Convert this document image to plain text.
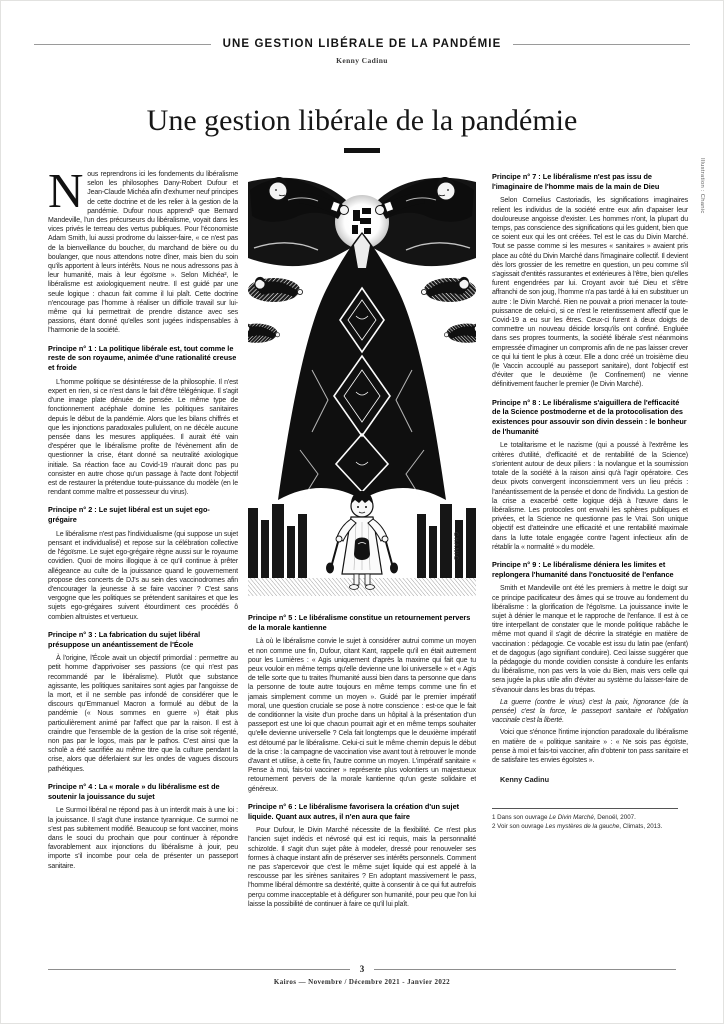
UNE GESTION LIBÉRALE DE LA PANDÉMIE
Kenny Cadinu
Une gestion libérale de la pandémie

Nous reprendrons ici les fondements du libéralisme selon les philosophes Dany-Robert Dufour et Jean-Claude Michéa afin d'exhumer neuf principes de cette doctrine et de les relier à la gestion de la pandémie. Dufour nous apprend¹ que Bernard Mandeville, l'un des précurseurs du libéralisme, voyait dans les vices privés le terreau des vertus publiques. Pour l'économiste Adam Smith, lui aussi prodrome du laisser-faire, « ce n'est pas de la bienveillance du boucher, du marchand de bière ou du boulanger, que nous attendons notre dîner, mais bien du soin qu'ils apportent à leurs intérêts. Nous ne nous adressons pas à leur humanité, mais à leur égoïsme ». Selon Michéa², le libéralisme est axiologiquement neutre. Il est guidé par une seule logique : chacun fait comme il lui plaît. Cette doctrine n'encourage pas l'homme à réaliser un difficile travail sur lui-même qui lui permettrait de prendre distance avec ses passions, étant donné qu'elles sont jugées indispensables à l'harmonie de la société.

Principe n° 1 : La politique libérale est, tout comme le reste de son royaume, animée d'une rationalité creuse et froide

L'homme politique se désintéresse de la philosophie. Il n'est expert en rien, si ce n'est dans le fait d'être télégénique. Il s'agit d'une image plate dénuée de pensée. Le même type de fonctionnement acéphale domine les politiques sanitaires depuis le début de la pandémie. Alors que les bilans chiffrés et que les injonctions paradoxales pullulent, on ne décèle aucune pensée dans les mesures appliquées. Il aurait été vain d'espérer que le libéralisme profite de l'évènement afin de questionner la crise, étant donné sa neutralité axiologique initiale. Sa réaction face au Covid-19 n'aurait donc pas pu consister en autre chose qu'un passage à l'acte dont l'objectif est de restaurer la prétendue toute-puissance du modèle (en le rendant comme maître et possesseur du virus).

Principe n° 2 : Le sujet libéral est un sujet ego-grégaire

Le libéralisme n'est pas l'individualisme (qui suppose un sujet pensant et individualisé) et repose sur la célébration collective de l'égoïsme. Le sujet ego-grégaire règne aussi sur le royaume covidien. Quoi de moins illogique à ce qu'il continue à prêter allégeance au culte de la jouissance quand le gouvernement propose des concerts de DJ's au sein des vaccinodromes afin d'encourager la jeunesse à se faire vacciner ? C'est sans vergogne que les politiques se prétendent sanitaires et que les sujets ego-grégaires suivent étourdiment ces procédés ô combien altruistes et vertueux.

Principe n° 3 : La fabrication du sujet libéral présuppose un anéantissement de l'École

À l'origine, l'École avait un objectif primordial : permettre au petit homme d'apprivoiser ses passions (ce qui n'est pas recommandé par le libéralisme). Plutôt que substance agissante, les politiques sanitaires sont agies par l'angoisse de la mort, et il ne semble pas infondé de considérer que le discours qu'Emmanuel Macron a formulé au début de la pandémie (« Nous sommes en guerre ») était plus particulièrement animé par l'affect que par la raison. Il est à craindre que l'ensemble de la gestion de la crise soit régenté, non pas par le logos, mais par le pathos. C'est ainsi que la scholè a été sacrifiée au même titre que la culture pendant la crise, alors que déferlaient sur les ondes de vagues discours pathétiques.

Principe n° 4 : La « morale » du libéralisme est de soutenir la jouissance du sujet

Le Surmoi libéral ne répond pas à un interdit mais à une loi : la jouissance. Il s'agit d'une instance tyrannique. Ce surmoi ne s'est pas subitement modifié. Beaucoup se font vacciner, moins dans le souci du prochain que pour continuer à répondre favorablement aux injonctions du libéralisme à jouir, peu importe s'il incombe pour cela de présenter un passeport sanitaire.

CHANIC
Principe n° 5 : Le libéralisme constitue un retournement pervers de la morale kantienne

Là où le libéralisme convie le sujet à considérer autrui comme un moyen et non comme une fin, Dufour, citant Kant, rappelle qu'il en était autrement pour les Lumières : « Agis uniquement d'après la maxime qui fait que tu peux vouloir en même temps qu'elle devienne une loi universelle » et « Agis de telle sorte que tu traites l'humanité aussi bien dans ta personne que dans la personne de toute autre toujours en même temps comme une fin et jamais simplement comme un moyen ». Guidé par le premier impératif moral, une question cruciale se pose à notre conscience : est-ce que le fait de conditionner la visite d'un proche dans un hôpital à la présentation d'un passeport est une loi que chacun pourrait agir et en même temps souhaiter qu'elle devienne universelle ? Cela fait longtemps que le deuxième impératif est détourné par le libéralisme. Celui-ci suit le même chemin depuis le début de la crise : la campagne de vaccination vise avant tout à retrouver le monde d'avant et utilise, à cette fin, l'autre comme un moyen. L'impératif sanitaire « Pense à moi, fais-toi vacciner » représente plus volontiers un majestueux retournement pervers de la morale kantienne qu'un geste solidaire et généreux.

Principe n° 6 : Le libéralisme favorisera la création d'un sujet liquide. Quant aux autres, il n'en aura que faire

Pour Dufour, le Divin Marché nécessite de la flexibilité. Ce n'est plus l'ancien sujet indécis et névrosé qui est ici requis, mais la personnalité schizoïde. Il s'agit d'un sujet pâte à modeler, dressé pour renouveler ses formes à chaque instant afin de préserver ses intérêts personnels. Comment ne pas s'apercevoir que c'est le même sujet liquide qui est appelé à la rescousse par les sirènes sanitaires ? En adoptant massivement le pass, l'homme libéral démontre sa dextérité, quitte à consentir à ce qui fut autrefois perçu comme inacceptable et à défigurer son humanité, pour peu que l'on lui laisse la possibilité de continuer à faire ce qu'il lui plaît.

Principe n° 7 : Le libéralisme n'est pas issu de l'imaginaire de l'homme mais de la main de Dieu

Selon Cornelius Castoriadis, les significations imaginaires relient les individus de la société entre eux afin d'apaiser leur douloureuse angoisse d'exister. Les hommes n'ont, la plupart du temps, pas conscience des significations qui les guident, bien que ce soient eux qui les ont créées. Tel est le cas du Divin Marché. Tout se passe comme si les mesures « sanitaires » avaient pris place au côté du Divin Marché dans l'imaginaire collectif. Il devient dès lors grossier de les remettre en question, un peu comme s'il s'agissait d'entités rassurantes et extérieures à l'être, bien qu'elles furent engendrées par lui. Croyant avoir tué Dieu et s'être affranchi de son joug, l'homme n'a pas tardé à lui en substituer un autre : le Divin Marché. Rien ne pouvait a priori menacer la toute-puissance de celui-ci, si ce n'est le retentissement affectif que le Covid-19 a eu sur les êtres. Ceux-ci furent à deux doigts de commettre un nouveau déicide lorsqu'ils ont confiné. Engluée dans ses propres tourments, la société libérale s'est néanmoins empressée d'imaginer un compromis afin de ne pas laisser crever ce qui lui tient le plus à cœur. Elle a donc créé un troisième dieu (le Vaccin accouplé au passeport sanitaire), dont l'objectif est d'éviter que le deuxième (le Confinement) ne vienne définitivement faucher le premier (le Divin Marché).

Principe n° 8 : Le libéralisme s'aiguillera de l'efficacité de la Science postmoderne et de la protocolisation des existences pour assouvir son divin dessein : le bonheur de l'humanité

Le totalitarisme et le nazisme (qui a poussé à l'extrême les critères d'utilité, d'efficacité et de rentabilité de la Science) s'orientent autour de deux piliers : la novlangue et la soumission totale de la société à la raison ainsi qu'à l'agir opératoire. Ces deux pivots convergent inconsciemment vers un lieu précis : l'anéantissement de la pensée et donc de l'individu. La gestion de la crise a exacerbé cette logique déjà à l'œuvre dans le libéralisme. Les protocoles ont envahi les sphères publiques et privées, et la Science ne questionne pas le Vrai. Son unique objectif est d'atteindre une efficacité et une rentabilité maximale dans la lutte totale engagée contre l'agent infectieux afin de rétablir la « normalité » du modèle.

Principe n° 9 : Le libéralisme déniera les limites et replongera l'humanité dans l'onctuosité de l'enfance

Smith et Mandeville ont été les premiers à mettre le doigt sur ce principe pacificateur des âmes qui se trouve au fondement du libéralisme : la glorification de l'égoïsme. La jouissance invite le sujet à dénier le manque et le rapproche de l'enfance. Il est à ce titre interpellant de constater que le monde politique rabâche le même mot quand il s'agit de décrire la stratégie en matière de vaccination : pédagogie. Ce vocable est issu du latin pae (enfant) et de dagogus (ago signifiant conduire). Ceci laisse suggérer que la pédagogie du monde covidien consiste à conduire les enfants du libéralisme, non pas vers la voie du Bien, mais vers celle qui sera jugée la plus utile afin d'éviter au système du laisser-faire de s'évanouir dans les bras du trépas.

La guerre (contre le virus) c'est la paix, l'ignorance (de la pensée) c'est la force, le passeport sanitaire et l'obligation vaccinale c'est la liberté.

Voici que s'énonce l'intime injonction paradoxale du libéralisme en matière de « politique sanitaire » : « Ne sois pas égoïste, pense à moi et fais-toi vacciner, afin d'obtenir ton pass sanitaire et de satisfaire tes envies égoïstes ».

Kenny Cadinu
1 Dans son ouvrage Le Divin Marché, Denoël, 2007.
2 Voir son ouvrage Les mystères de la gauche, Climats, 2013.
Illustration : Chanic
3
Kairos — Novembre / Décembre 2021 - Janvier 2022
